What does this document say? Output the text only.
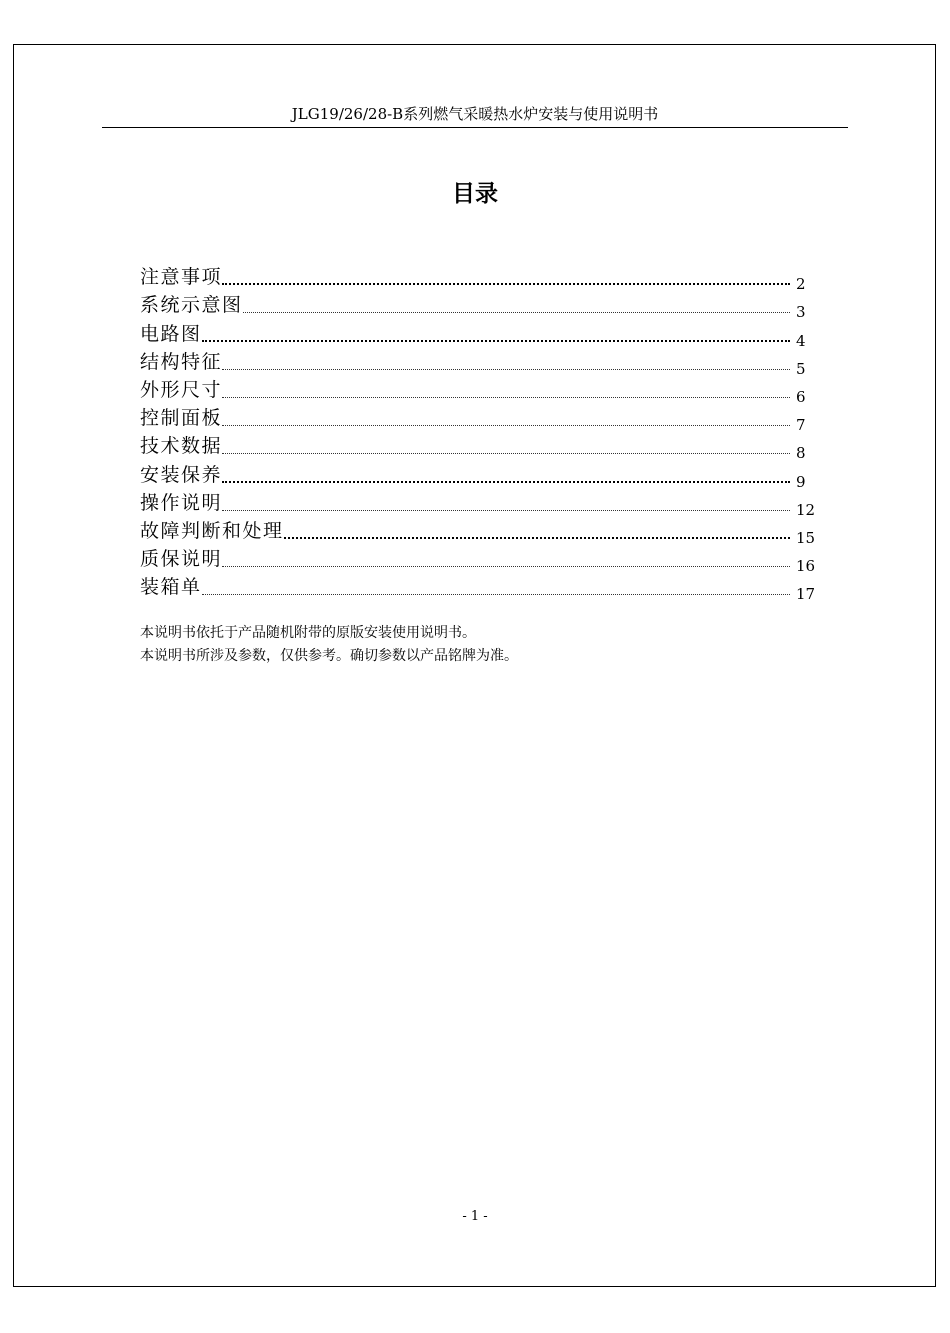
JLG19/26/28-B系列燃气采暖热水炉安装与使用说明书
目录
注意事项	2
系统示意图	3
电路图	4
结构特征	5
外形尺寸	6
控制面板	7
技术数据	8
安装保养	9
操作说明	12
故障判断和处理	15
质保说明	16
装箱单	17
本说明书依托于产品随机附带的原版安装使用说明书。
本说明书所涉及参数，仅供参考。确切参数以产品铭牌为准。
- 1 -
